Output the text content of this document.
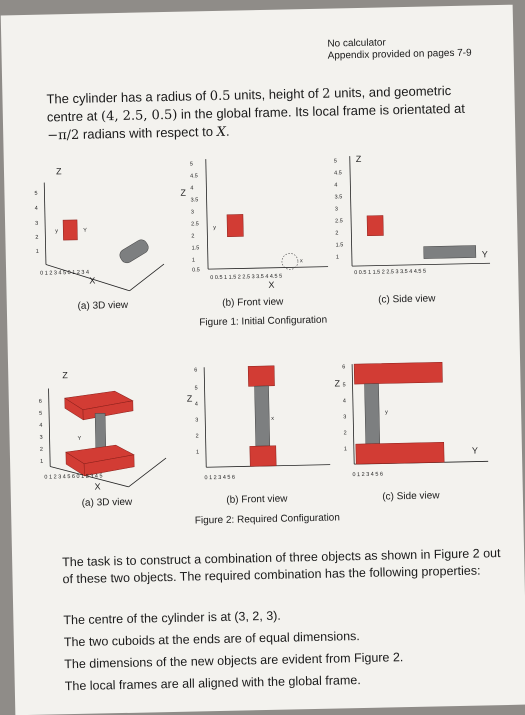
No calculator
Appendix provided on pages 7-9
The cylinder has a radius of 0.5 units, height of 2 units, and geometric centre at (4, 2.5, 0.5) in the global frame. Its local frame is orientated at −π/2 radians with respect to X.
Z
5
4
3
2
1
0 1 2 3 4 5 0 1 2 3 4
y	Y
X
5
4.5
4
3.5
3
2.5
2
1.5
1
0.5
Z
y
x
0 0.5 1 1.5 2 2.5 3 3.5 4 4.5 5
X
Z
5
4.5
4
3.5
3
2.5
2
1.5
1
0 0.5 1 1.5 2 2.5 3 3.5 4 4.5 5
Y
(a) 3D view	(b) Front view	(c) Side view
Figure 1: Initial Configuration
Z
6
5
4
3
2
1
Y
0 1 2 3 4 5 6 0 1 2 3 4 5
X
6
5
4
3
2
1
Z
x
0 1 2 3 4 5 6
6
5
4
3
2
1
Z
y
Y
0 1 2 3 4 5 6
(a) 3D view	(b) Front view	(c) Side view
Figure 2: Required Configuration
The task is to construct a combination of three objects as shown in Figure 2 out of these two objects. The required combination has the following properties:
The centre of the cylinder is at (3, 2, 3).
The two cuboids at the ends are of equal dimensions.
The dimensions of the new objects are evident from Figure 2.
The local frames are all aligned with the global frame.
